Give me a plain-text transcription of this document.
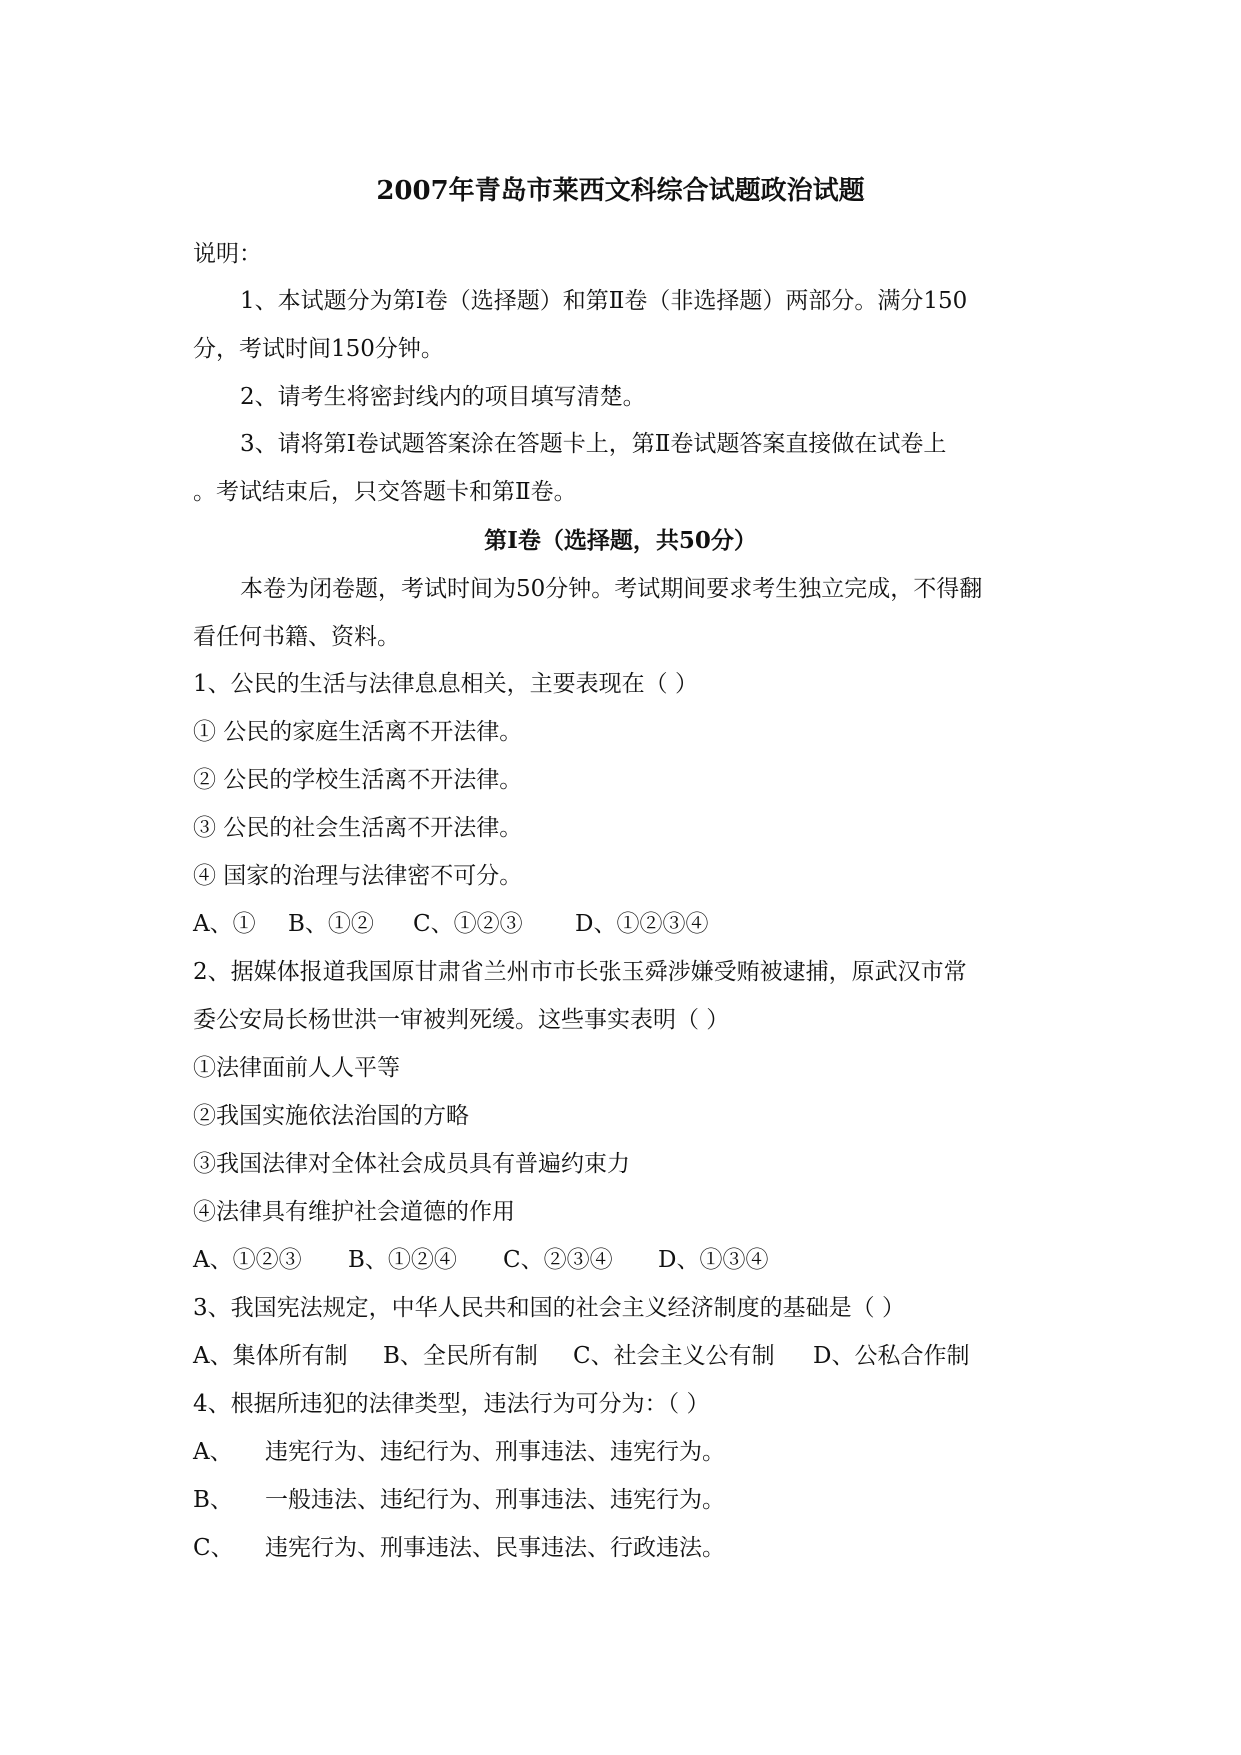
2007年青岛市莱西文科综合试题政治试题
说明：
1、本试题分为第Ⅰ卷（选择题）和第Ⅱ卷（非选择题）两部分。满分150
分，考试时间150分钟。
2、请考生将密封线内的项目填写清楚。
3、请将第Ⅰ卷试题答案涂在答题卡上，第Ⅱ卷试题答案直接做在试卷上
。考试结束后，只交答题卡和第Ⅱ卷。
第Ⅰ卷（选择题，共50分）
本卷为闭卷题，考试时间为50分钟。考试期间要求考生独立完成，不得翻
看任何书籍、资料。
1、公民的生活与法律息息相关，主要表现在（ ）
① 公民的家庭生活离不开法律。
② 公民的学校生活离不开法律。
③ 公民的社会生活离不开法律。
④ 国家的治理与法律密不可分。
A、① B、①② C、①②③ D、①②③④
2、据媒体报道我国原甘肃省兰州市市长张玉舜涉嫌受贿被逮捕，原武汉市常
委公安局长杨世洪一审被判死缓。这些事实表明（ ）
①法律面前人人平等
②我国实施依法治国的方略
③我国法律对全体社会成员具有普遍约束力
④法律具有维护社会道德的作用
A、①②③ B、①②④ C、②③④ D、①③④
3、我国宪法规定，中华人民共和国的社会主义经济制度的基础是（ ）
A、集体所有制 B、全民所有制 C、社会主义公有制 D、公私合作制
4、根据所违犯的法律类型，违法行为可分为：（ ）
A、 违宪行为、违纪行为、刑事违法、违宪行为。
B、 一般违法、违纪行为、刑事违法、违宪行为。
C、 违宪行为、刑事违法、民事违法、行政违法。
